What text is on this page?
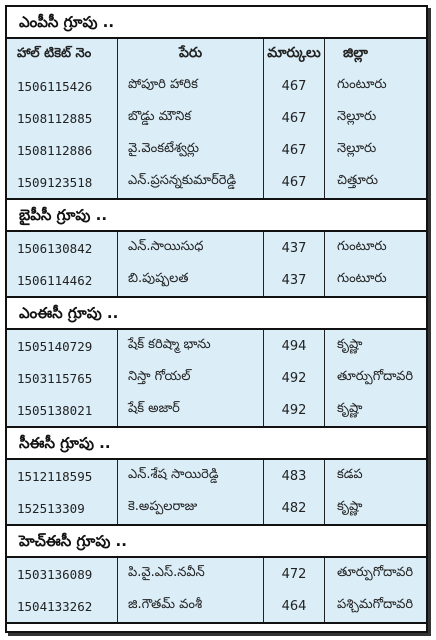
ఎంపీసీ గ్రూపు ..
హాల్ టికెట్ నెం	పేరు	మార్కులు	జిల్లా
1506115426	పోపూరి హారిక	467	గుంటూరు
1508112885	బొడ్డు మౌనిక	467	నెల్లూరు
1508112886	వై.వెంకటేశ్వర్లు	467	నెల్లూరు
1509123518	ఎన్.ప్రసన్నకుమార్‌రెడ్డి	467	చిత్తూరు
బైపీసీ గ్రూపు ..
1506130842	ఎన్.సాయిసుధ	437	గుంటూరు
1506114462	బి.పుష్పలత	437	గుంటూరు
ఎంఈసీ గ్రూపు ..
1505140729	షేక్ కరిష్మా భాను	494	కృష్ణా
1503115765	నిస్తా గోయల్	492	తూర్పుగోదావరి
1505138021	షేక్ అజార్	492	కృష్ణా
సీఈసీ గ్రూపు ..
1512118595	ఎన్.శేష సాయిరెడ్డి	483	కడప
152513309	కె.అప్పలరాజు	482	కృష్ణా
హెచ్ఈసీ గ్రూపు ..
1503136089	పి.వై.ఎస్.నవీన్	472	తూర్పుగోదావరి
1504133262	జి.గౌతమ్ వంశీ	464	పశ్చిమగోదావరి
